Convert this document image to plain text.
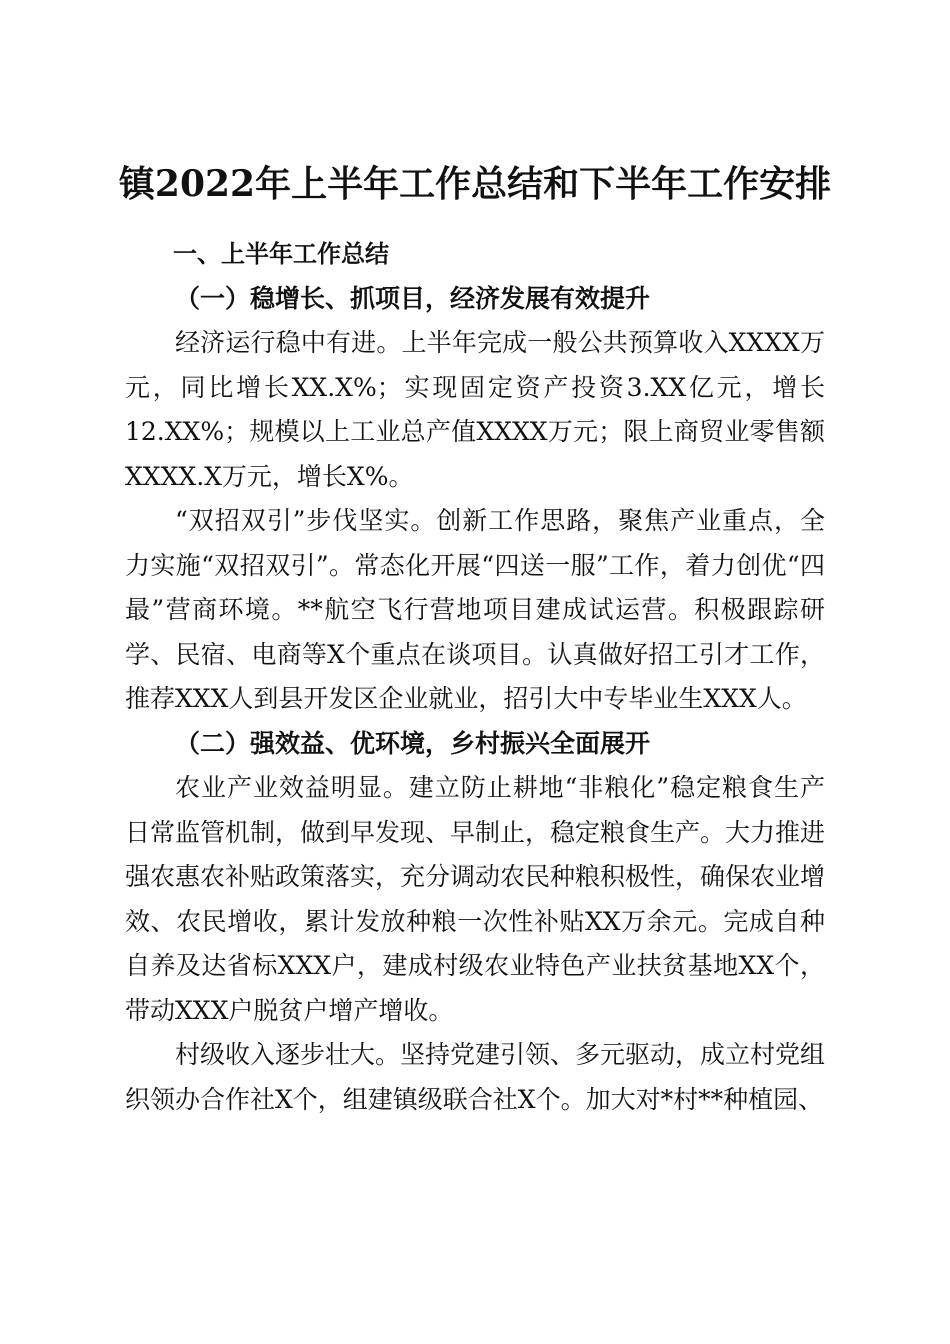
镇2022年上半年工作总结和下半年工作安排

一、上半年工作总结

（一）稳增长、抓项目，经济发展有效提升

经济运行稳中有进。上半年完成一般公共预算收入XXXX万元，同比增长XX.X%；实现固定资产投资3.XX亿元，增长12.XX%；规模以上工业总产值XXXX万元；限上商贸业零售额XXXX.X万元，增长X%。

“双招双引”步伐坚实。创新工作思路，聚焦产业重点，全力实施“双招双引”。常态化开展“四送一服”工作，着力创优“四最”营商环境。**航空飞行营地项目建成试运营。积极跟踪研学、民宿、电商等X个重点在谈项目。认真做好招工引才工作，推荐XXX人到县开发区企业就业，招引大中专毕业生XXX人。

（二）强效益、优环境，乡村振兴全面展开

农业产业效益明显。建立防止耕地“非粮化”稳定粮食生产日常监管机制，做到早发现、早制止，稳定粮食生产。大力推进强农惠农补贴政策落实，充分调动农民种粮积极性，确保农业增效、农民增收，累计发放种粮一次性补贴XX万余元。完成自种自养及达省标XXX户，建成村级农业特色产业扶贫基地XX个，带动XXX户脱贫户增产增收。

村级收入逐步壮大。坚持党建引领、多元驱动，成立村党组织领办合作社X个，组建镇级联合社X个。加大对*村**种植园、
